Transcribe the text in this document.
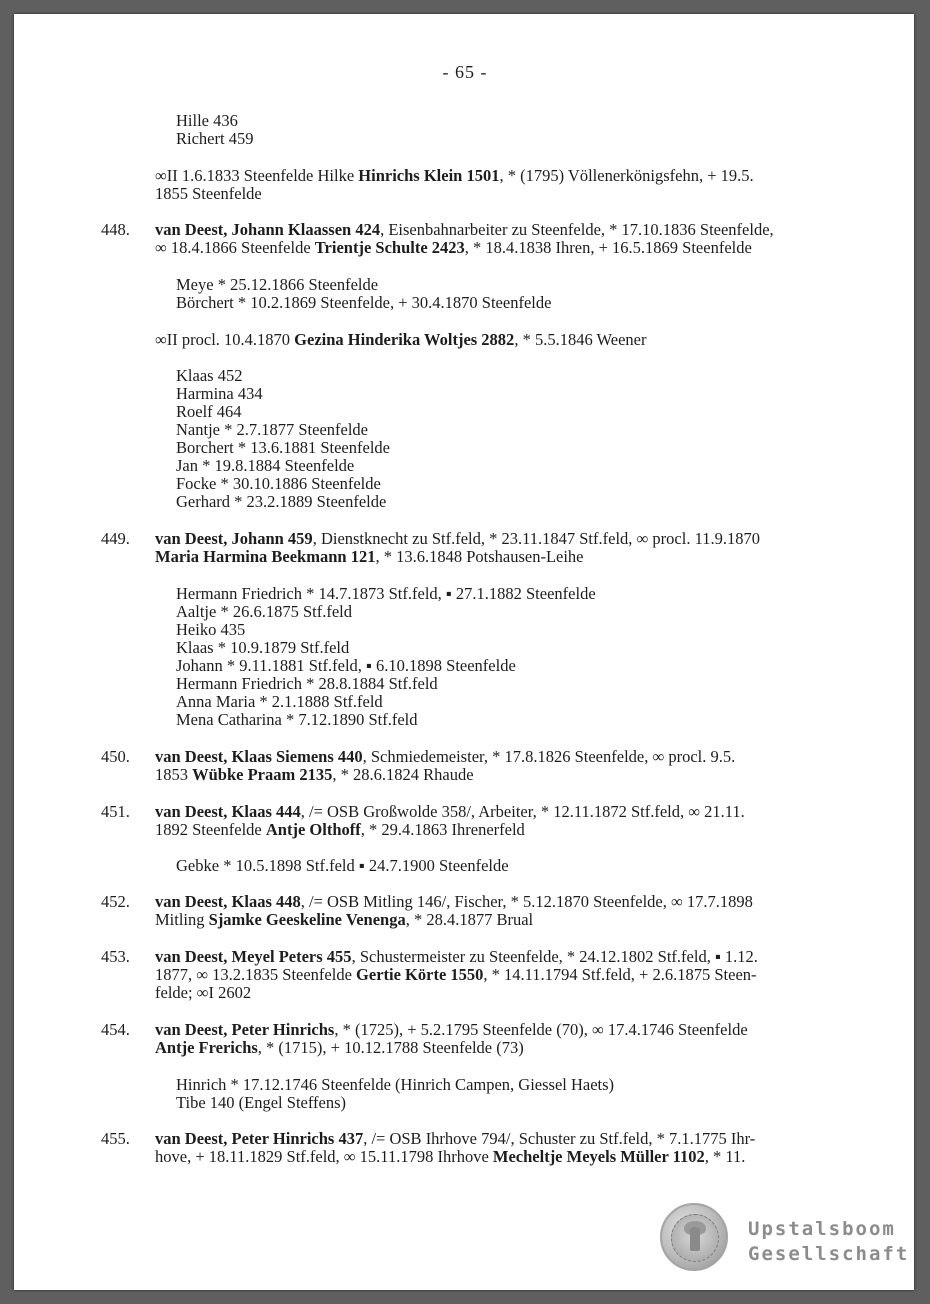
- 65 -
Hille 436
Richert 459
∞II 1.6.1833 Steenfelde Hilke Hinrichs Klein 1501, * (1795) Völlenerkönigsfehn, + 19.5.
1855 Steenfelde
448. van Deest, Johann Klaassen 424, Eisenbahnarbeiter zu Steenfelde, * 17.10.1836 Steenfelde,
∞ 18.4.1866 Steenfelde Trientje Schulte 2423, * 18.4.1838 Ihren, + 16.5.1869 Steenfelde
Meye * 25.12.1866 Steenfelde
Börchert * 10.2.1869 Steenfelde, + 30.4.1870 Steenfelde
∞II procl. 10.4.1870 Gezina Hinderika Woltjes 2882, * 5.5.1846 Weener
Klaas 452
Harmina 434
Roelf 464
Nantje * 2.7.1877 Steenfelde
Borchert * 13.6.1881 Steenfelde
Jan * 19.8.1884 Steenfelde
Focke * 30.10.1886 Steenfelde
Gerhard * 23.2.1889 Steenfelde
449. van Deest, Johann 459, Dienstknecht zu Stf.feld, * 23.11.1847 Stf.feld, ∞ procl. 11.9.1870
Maria Harmina Beekmann 121, * 13.6.1848 Potshausen-Leihe
Hermann Friedrich * 14.7.1873 Stf.feld, ▪ 27.1.1882 Steenfelde
Aaltje * 26.6.1875 Stf.feld
Heiko 435
Klaas * 10.9.1879 Stf.feld
Johann * 9.11.1881 Stf.feld, ▪ 6.10.1898 Steenfelde
Hermann Friedrich * 28.8.1884 Stf.feld
Anna Maria * 2.1.1888 Stf.feld
Mena Catharina * 7.12.1890 Stf.feld
450. van Deest, Klaas Siemens 440, Schmiedemeister, * 17.8.1826 Steenfelde, ∞ procl. 9.5.
1853 Wübke Praam 2135, * 28.6.1824 Rhaude
451. van Deest, Klaas 444, /= OSB Großwolde 358/, Arbeiter, * 12.11.1872 Stf.feld, ∞ 21.11.
1892 Steenfelde Antje Olthoff, * 29.4.1863 Ihrenerfeld
Gebke * 10.5.1898 Stf.feld ▪ 24.7.1900 Steenfelde
452. van Deest, Klaas 448, /= OSB Mitling 146/, Fischer, * 5.12.1870 Steenfelde, ∞ 17.7.1898
Mitling Sjamke Geeskeline Venenga, * 28.4.1877 Brual
453. van Deest, Meyel Peters 455, Schustermeister zu Steenfelde, * 24.12.1802 Stf.feld, ▪ 1.12.
1877, ∞ 13.2.1835 Steenfelde Gertie Körte 1550, * 14.11.1794 Stf.feld, + 2.6.1875 Steen-
felde; ∞I 2602
454. van Deest, Peter Hinrichs, * (1725), + 5.2.1795 Steenfelde (70), ∞ 17.4.1746 Steenfelde
Antje Frerichs, * (1715), + 10.12.1788 Steenfelde (73)
Hinrich * 17.12.1746 Steenfelde (Hinrich Campen, Giessel Haets)
Tibe 140 (Engel Steffens)
455. van Deest, Peter Hinrichs 437, /= OSB Ihrhove 794/, Schuster zu Stf.feld, * 7.1.1775 Ihr-
hove, + 18.11.1829 Stf.feld, ∞ 15.11.1798 Ihrhove Mecheltje Meyels Müller 1102, * 11.
Upstalsboom
Gesellschaft
